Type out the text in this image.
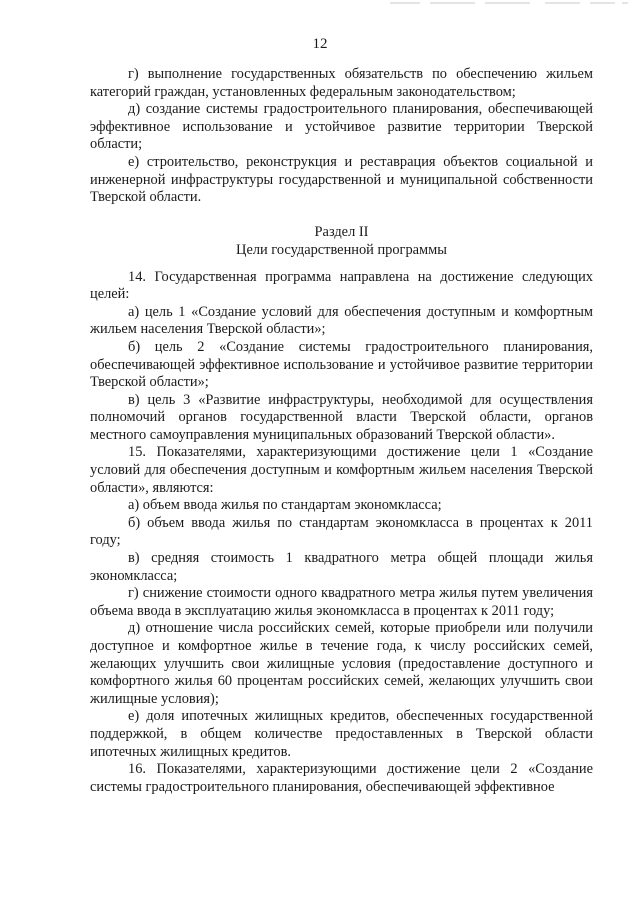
12

г) выполнение государственных обязательств по обеспечению жильем категорий граждан, установленных федеральным законодательством;

д) создание системы градостроительного планирования, обеспечивающей эффективное использование и устойчивое развитие территории Тверской области;

е) строительство, реконструкция и реставрация объектов социальной и инженерной инфраструктуры государственной и муниципальной собственности Тверской области.

Раздел II

Цели государственной программы

14. Государственная программа направлена на достижение следующих целей:

а) цель 1 «Создание условий для обеспечения доступным и комфортным жильем населения Тверской области»;

б) цель 2 «Создание системы градостроительного планирования, обеспечивающей эффективное использование и устойчивое развитие территории Тверской области»;

в) цель 3 «Развитие инфраструктуры, необходимой для осуществления полномочий органов государственной власти Тверской области, органов местного самоуправления муниципальных образований Тверской области».

15. Показателями, характеризующими достижение цели 1 «Создание условий для обеспечения доступным и комфортным жильем населения Тверской области», являются:

а) объем ввода жилья по стандартам экономкласса;

б) объем ввода жилья по стандартам экономкласса в процентах к 2011 году;

в) средняя стоимость 1 квадратного метра общей площади жилья экономкласса;

г) снижение стоимости одного квадратного метра жилья путем увеличения объема ввода в эксплуатацию жилья экономкласса в процентах к 2011 году;

д) отношение числа российских семей, которые приобрели или получили доступное и комфортное жилье в течение года, к числу российских семей, желающих улучшить свои жилищные условия (предоставление доступного и комфортного жилья 60 процентам российских семей, желающих улучшить свои жилищные условия);

е) доля ипотечных жилищных кредитов, обеспеченных государственной поддержкой, в общем количестве предоставленных в Тверской области ипотечных жилищных кредитов.

16. Показателями, характеризующими достижение цели 2 «Создание системы градостроительного планирования, обеспечивающей эффективное
